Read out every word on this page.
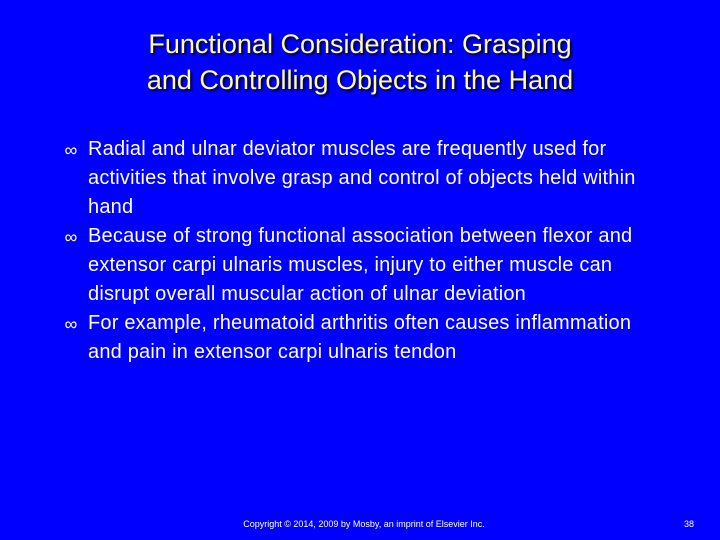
Functional Consideration: Grasping
and Controlling Objects in the Hand
∞ Radial and ulnar deviator muscles are frequently used for activities that involve grasp and control of objects held within hand
∞ Because of strong functional association between flexor and extensor carpi ulnaris muscles, injury to either muscle can disrupt overall muscular action of ulnar deviation
∞ For example, rheumatoid arthritis often causes inflammation and pain in extensor carpi ulnaris tendon
Copyright © 2014, 2009 by Mosby, an imprint of Elsevier Inc.	38
